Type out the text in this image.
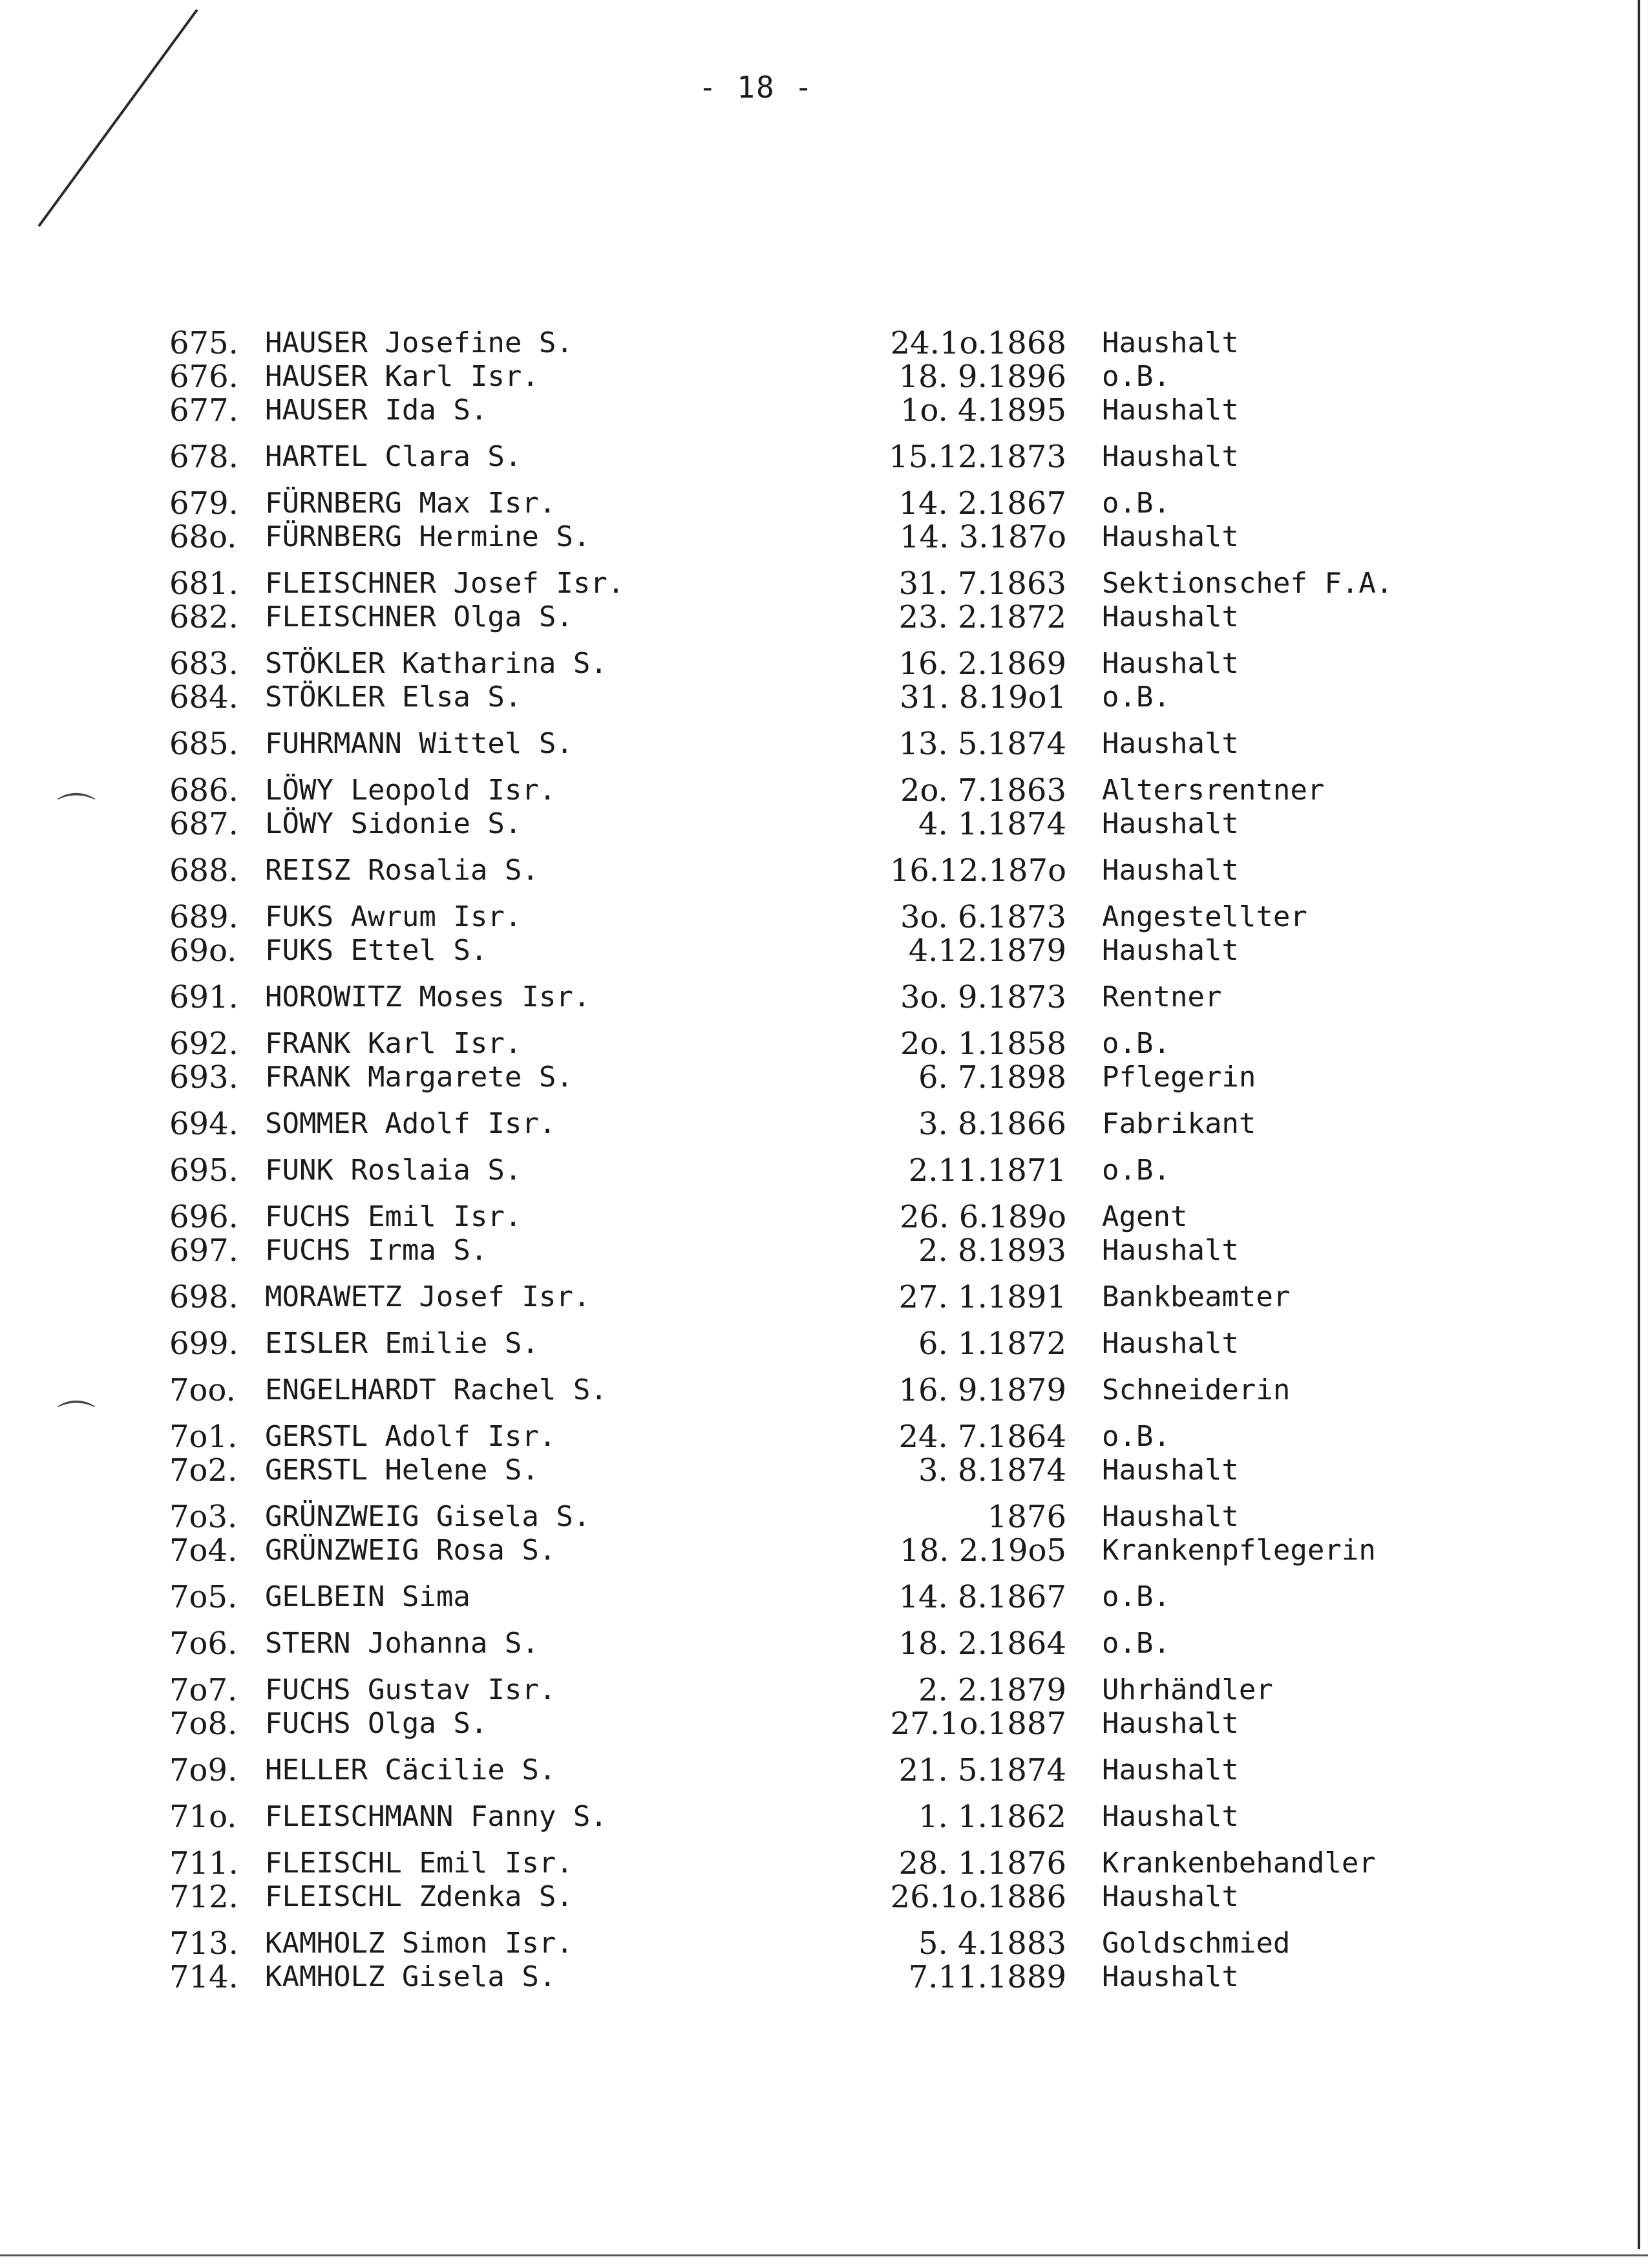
⌒
⌒
- 18 -
675. HAUSER Josefine S.	24.1o.1868 Haushalt
676. HAUSER Karl Isr.	18. 9.1896 o.B.
677. HAUSER Ida S.	1o. 4.1895 Haushalt
678. HARTEL Clara S.	15.12.1873 Haushalt
679. FÜRNBERG Max Isr.	14. 2.1867 o.B.
68o. FÜRNBERG Hermine S.	14. 3.187o Haushalt
681. FLEISCHNER Josef Isr.	31. 7.1863 Sektionschef F.A.
682. FLEISCHNER Olga S.	23. 2.1872 Haushalt
683. STÖKLER Katharina S.	16. 2.1869 Haushalt
684. STÖKLER Elsa S.	31. 8.19o1 o.B.
685. FUHRMANN Wittel S.	13. 5.1874 Haushalt
686. LÖWY Leopold Isr.	2o. 7.1863 Altersrentner
687. LÖWY Sidonie S.	4. 1.1874 Haushalt
688. REISZ Rosalia S.	16.12.187o Haushalt
689. FUKS Awrum Isr.	3o. 6.1873 Angestellter
69o. FUKS Ettel S.	4.12.1879 Haushalt
691. HOROWITZ Moses Isr.	3o. 9.1873 Rentner
692. FRANK Karl Isr.	2o. 1.1858 o.B.
693. FRANK Margarete S.	6. 7.1898 Pflegerin
694. SOMMER Adolf Isr.	3. 8.1866 Fabrikant
695. FUNK Roslaia S.	2.11.1871 o.B.
696. FUCHS Emil Isr.	26. 6.189o Agent
697. FUCHS Irma S.	2. 8.1893 Haushalt
698. MORAWETZ Josef Isr.	27. 1.1891 Bankbeamter
699. EISLER Emilie S.	6. 1.1872 Haushalt
7oo.	ENGELHARDT Rachel S.	16. 9.1879 Schneiderin
7o1. GERSTL Adolf Isr.	24. 7.1864 o.B.
7o2. GERSTL Helene S.	3. 8.1874 Haushalt
7o3. GRÜNZWEIG Gisela S.	1876 Haushalt
7o4. GRÜNZWEIG Rosa S.	18. 2.19o5 Krankenpflegerin
7o5. GELBEIN Sima	14. 8.1867 o.B.
7o6. STERN Johanna S.	18. 2.1864 o.B.
7o7. FUCHS Gustav Isr.	2. 2.1879 Uhrhändler
7o8. FUCHS Olga S.	27.1o.1887 Haushalt
7o9. HELLER Cäcilie S.	21. 5.1874 Haushalt
71o. FLEISCHMANN Fanny S.	1. 1.1862 Haushalt
711. FLEISCHL Emil Isr.	28. 1.1876 Krankenbehandler
712. FLEISCHL Zdenka S.	26.1o.1886 Haushalt
713. KAMHOLZ Simon Isr.	5. 4.1883 Goldschmied
714. KAMHOLZ Gisela S.	7.11.1889 Haushalt
